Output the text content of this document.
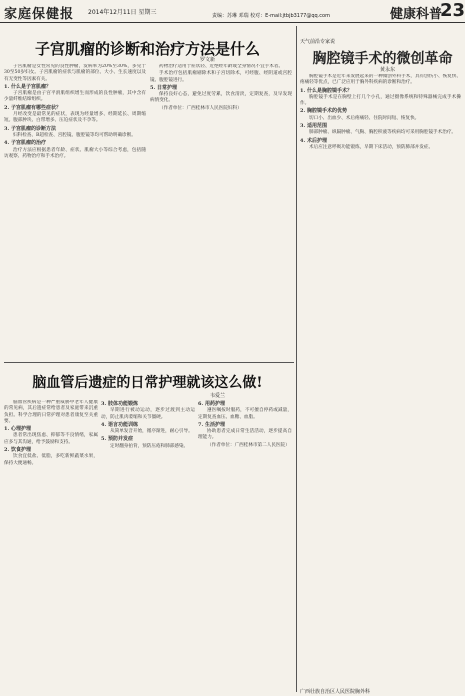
家庭保健报 2014年12月11日 星期三	责编：苏琳 邓瑞 校对：E-mail:jtbjb3177@qq.com	健康科普
23
子宫肌瘤的诊断和治疗方法是什么
罗文新

子宫肌瘤是女性常见的良性肿瘤，发病率为20%至30%，多见于30至50岁妇女。子宫肌瘤的症状与肌瘤的部位、大小、生长速度以及有无变性等因素有关。

1. 什么是子宫肌瘤？

子宫肌瘤是由子宫平滑肌组织增生而形成的良性肿瘤，其中含有少量纤维结缔组织。

2. 子宫肌瘤有哪些症状？

月经改变是最常见的症状，表现为经量增多、经期延长、周期缩短。腹部肿块、白带增多、压迫症状及不孕等。

3. 子宫肌瘤的诊断方法

妇科检查、B超检查、宫腔镜、腹腔镜等均可帮助明确诊断。

4. 子宫肌瘤的治疗

治疗方法应根据患者年龄、症状、肌瘤大小等综合考虑，包括随访观察、药物治疗和手术治疗。

药物治疗适用于症状轻、近绝经年龄或全身情况不宜手术者。

手术治疗包括肌瘤剔除术和子宫切除术，可经腹、经阴道或宫腔镜、腹腔镜进行。

5. 日常护理

保持良好心态，避免过度劳累，饮食清淡，定期复查，及早发现病情变化。

（作者单位：广西桂林市人民医院妇科）

脑血管后遗症的日常护理就该这么做!
韦爱兰

脑血管疾病是一种严重威胁中老年人健康的常见病，其后遗症常给患者及家庭带来沉重负担。科学合理的日常护理对患者康复至关重要。

1. 心理护理

患者常出现焦虑、抑郁等不良情绪，家属应多与其沟通，给予鼓励和支持。

2. 饮食护理

饮食宜低盐、低脂，多吃新鲜蔬菜水果，保持大便通畅。

3. 肢体功能锻炼

早期进行被动运动，逐步过渡到主动运动，防止肌肉萎缩和关节僵硬。

4. 语言功能训练

从简单发音开始，循序渐进，耐心引导。

5. 预防并发症

定时翻身拍背，预防压疮和肺部感染。

6. 用药护理

遵医嘱按时服药，不可擅自停药或减量，定期复查血压、血糖、血脂。

7. 生活护理

协助患者完成日常生活活动，逐步提高自理能力。

（作者单位：广西桂林市第二人民医院）

天气前沿专家说
胸腔镜手术的微创革命
黄永东

胸腔镜手术是近年来发展起来的一种微创外科手术，具有创伤小、恢复快、疼痛轻等优点，已广泛应用于胸外科疾病的诊断和治疗。

1. 什么是胸腔镜手术？

胸腔镜手术是在胸壁上打几个小孔，通过摄像系统和特殊器械完成手术操作。

2. 胸腔镜手术的优势

切口小、出血少、术后疼痛轻、住院时间短、恢复快。

3. 适用范围

肺部肿瘤、纵隔肿瘤、气胸、胸腔积液等疾病均可采用胸腔镜手术治疗。

4. 术后护理

术后应注意呼吸功能锻炼，早期下床活动，预防肺部并发症。

广西壮族自治区人民医院胸外科
